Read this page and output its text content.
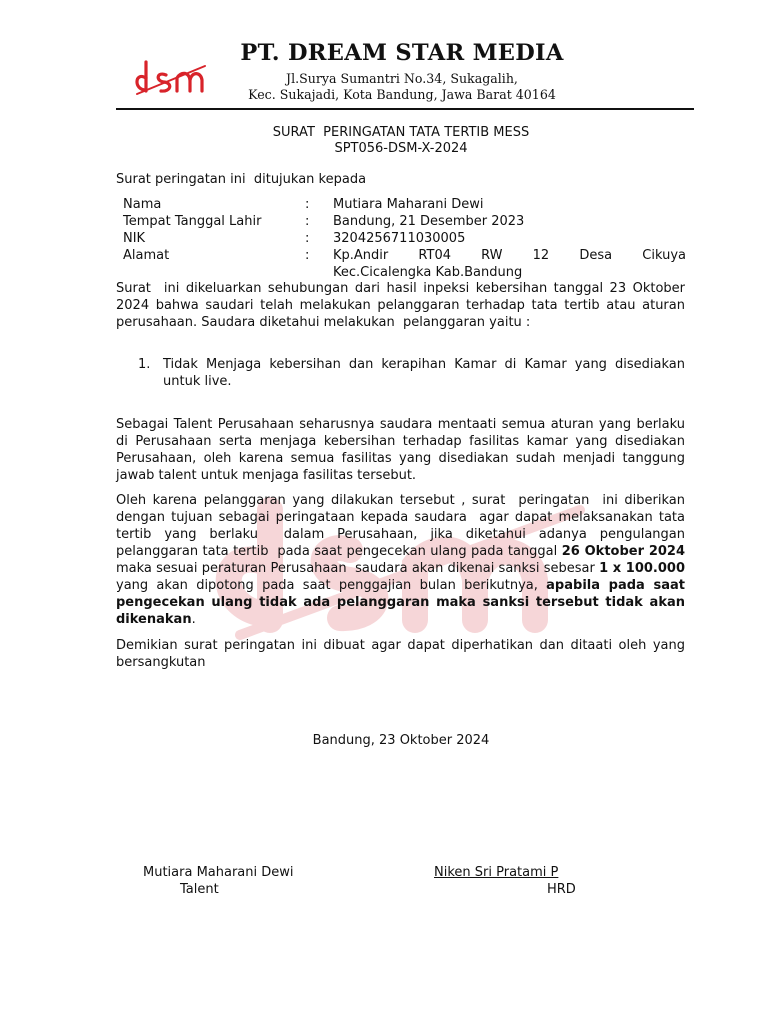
PT. DREAM STAR MEDIA
Jl.Surya Sumantri No.34, Sukagalih,
Kec. Sukajadi, Kota Bandung, Jawa Barat 40164
SURAT  PERINGATAN TATA TERTIB MESS
SPT056-DSM-X-2024
Surat peringatan ini  ditujukan kepada
Nama	: Mutiara Maharani Dewi
Tempat Tanggal Lahir	: Bandung, 21 Desember 2023
NIK	: 3204256711030005
Alamat	: Kp.Andir    RT04    RW    12    Desa    Cikuya Kec.Cicalengka Kab.Bandung
Surat  ini dikeluarkan sehubungan dari hasil inpeksi kebersihan tanggal 23 Oktober 2024 bahwa saudari telah melakukan pelanggaran terhadap tata tertib atau aturan perusahaan. Saudara diketahui melakukan  pelanggaran yaitu :
1. Tidak Menjaga kebersihan dan kerapihan Kamar di Kamar yang disediakan untuk live.
Sebagai Talent Perusahaan seharusnya saudara mentaati semua aturan yang berlaku di Perusahaan serta menjaga kebersihan terhadap fasilitas kamar yang disediakan Perusahaan, oleh karena semua fasilitas yang disediakan sudah menjadi tanggung jawab talent untuk menjaga fasilitas tersebut.
Oleh karena pelanggaran yang dilakukan tersebut , surat  peringatan  ini diberikan dengan tujuan sebagai peringataan kepada saudara  agar dapat melaksanakan tata  tertib yang berlaku  dalam Perusahaan, jika diketahui adanya pengulangan pelanggaran tata tertib  pada saat pengecekan ulang pada tanggal 26 Oktober 2024 maka sesuai peraturan Perusahaan  saudara akan dikenai sanksi sebesar 1 x 100.000 yang akan dipotong pada saat penggajian bulan berikutnya, apabila pada saat pengecekan ulang tidak ada pelanggaran maka sanksi tersebut tidak akan dikenakan.
Demikian surat peringatan ini dibuat agar dapat diperhatikan dan ditaati oleh yang bersangkutan
Bandung, 23 Oktober 2024
Mutiara Maharani Dewi
Talent
Niken Sri Pratami P
HRD
